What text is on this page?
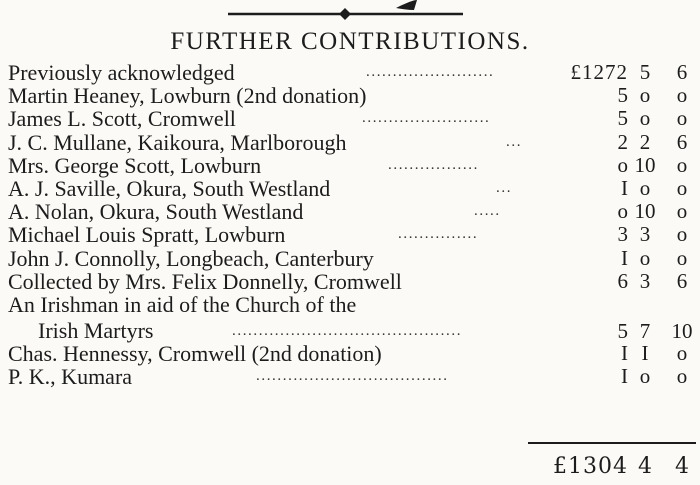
FURTHER CONTRIBUTIONS.
Previously acknowledged	........................	£1272 5	6
Martin Heaney, Lowburn (2nd donation)	5 o	o
James L. Scott, Cromwell	........................	5 o	o
J. C. Mullane, Kaikoura, Marlborough	...	2 2	6
Mrs. George Scott, Lowburn	.................	o 10	o
A. J. Saville, Okura, South Westland	...	I o	o
A. Nolan, Okura, South Westland	.....	o 10	o
Michael Louis Spratt, Lowburn	...............	3 3	o
John J. Connolly, Longbeach, Canterbury	I o	o
Collected by Mrs. Felix Donnelly, Cromwell	6 3	6
An Irishman in aid of the Church of the
Irish Martyrs	...........................................	5 7	10
Chas. Hennessy, Cromwell (2nd donation)	I I	o
P. K., Kumara	....................................	I o	o
£1304 4	4
